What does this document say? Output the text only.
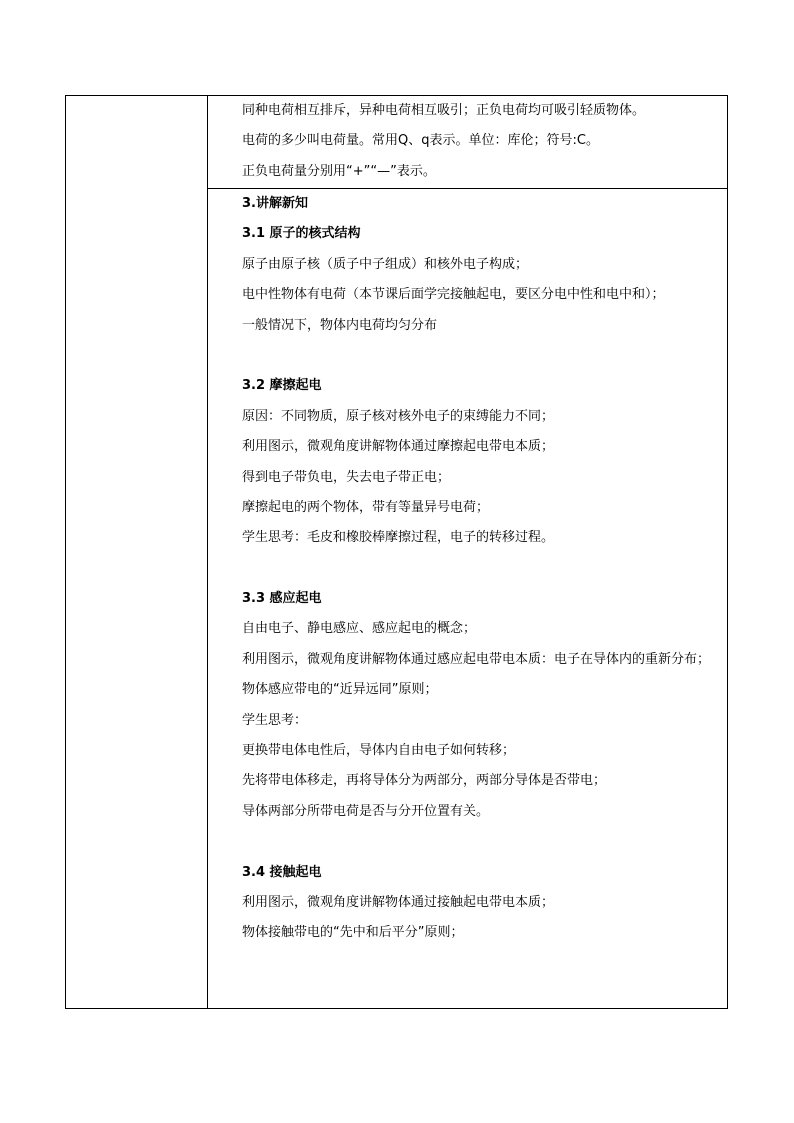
同种电荷相互排斥，异种电荷相互吸引；正负电荷均可吸引轻质物体。
电荷的多少叫电荷量。常用Q、q表示。单位：库伦；符号:C。
正负电荷量分别用“+”“—”表示。
3.讲解新知
3.1 原子的核式结构
原子由原子核（质子中子组成）和核外电子构成；
电中性物体有电荷（本节课后面学完接触起电，要区分电中性和电中和）；
一般情况下，物体内电荷均匀分布
3.2 摩擦起电
原因：不同物质，原子核对核外电子的束缚能力不同；
利用图示，微观角度讲解物体通过摩擦起电带电本质；
得到电子带负电，失去电子带正电；
摩擦起电的两个物体，带有等量异号电荷；
学生思考：毛皮和橡胶棒摩擦过程，电子的转移过程。
3.3 感应起电
自由电子、静电感应、感应起电的概念；
利用图示，微观角度讲解物体通过感应起电带电本质：电子在导体内的重新分布；
物体感应带电的“近异远同”原则；
学生思考：
更换带电体电性后，导体内自由电子如何转移；
先将带电体移走，再将导体分为两部分，两部分导体是否带电；
导体两部分所带电荷是否与分开位置有关。
3.4 接触起电
利用图示，微观角度讲解物体通过接触起电带电本质；
物体接触带电的“先中和后平分”原则；
